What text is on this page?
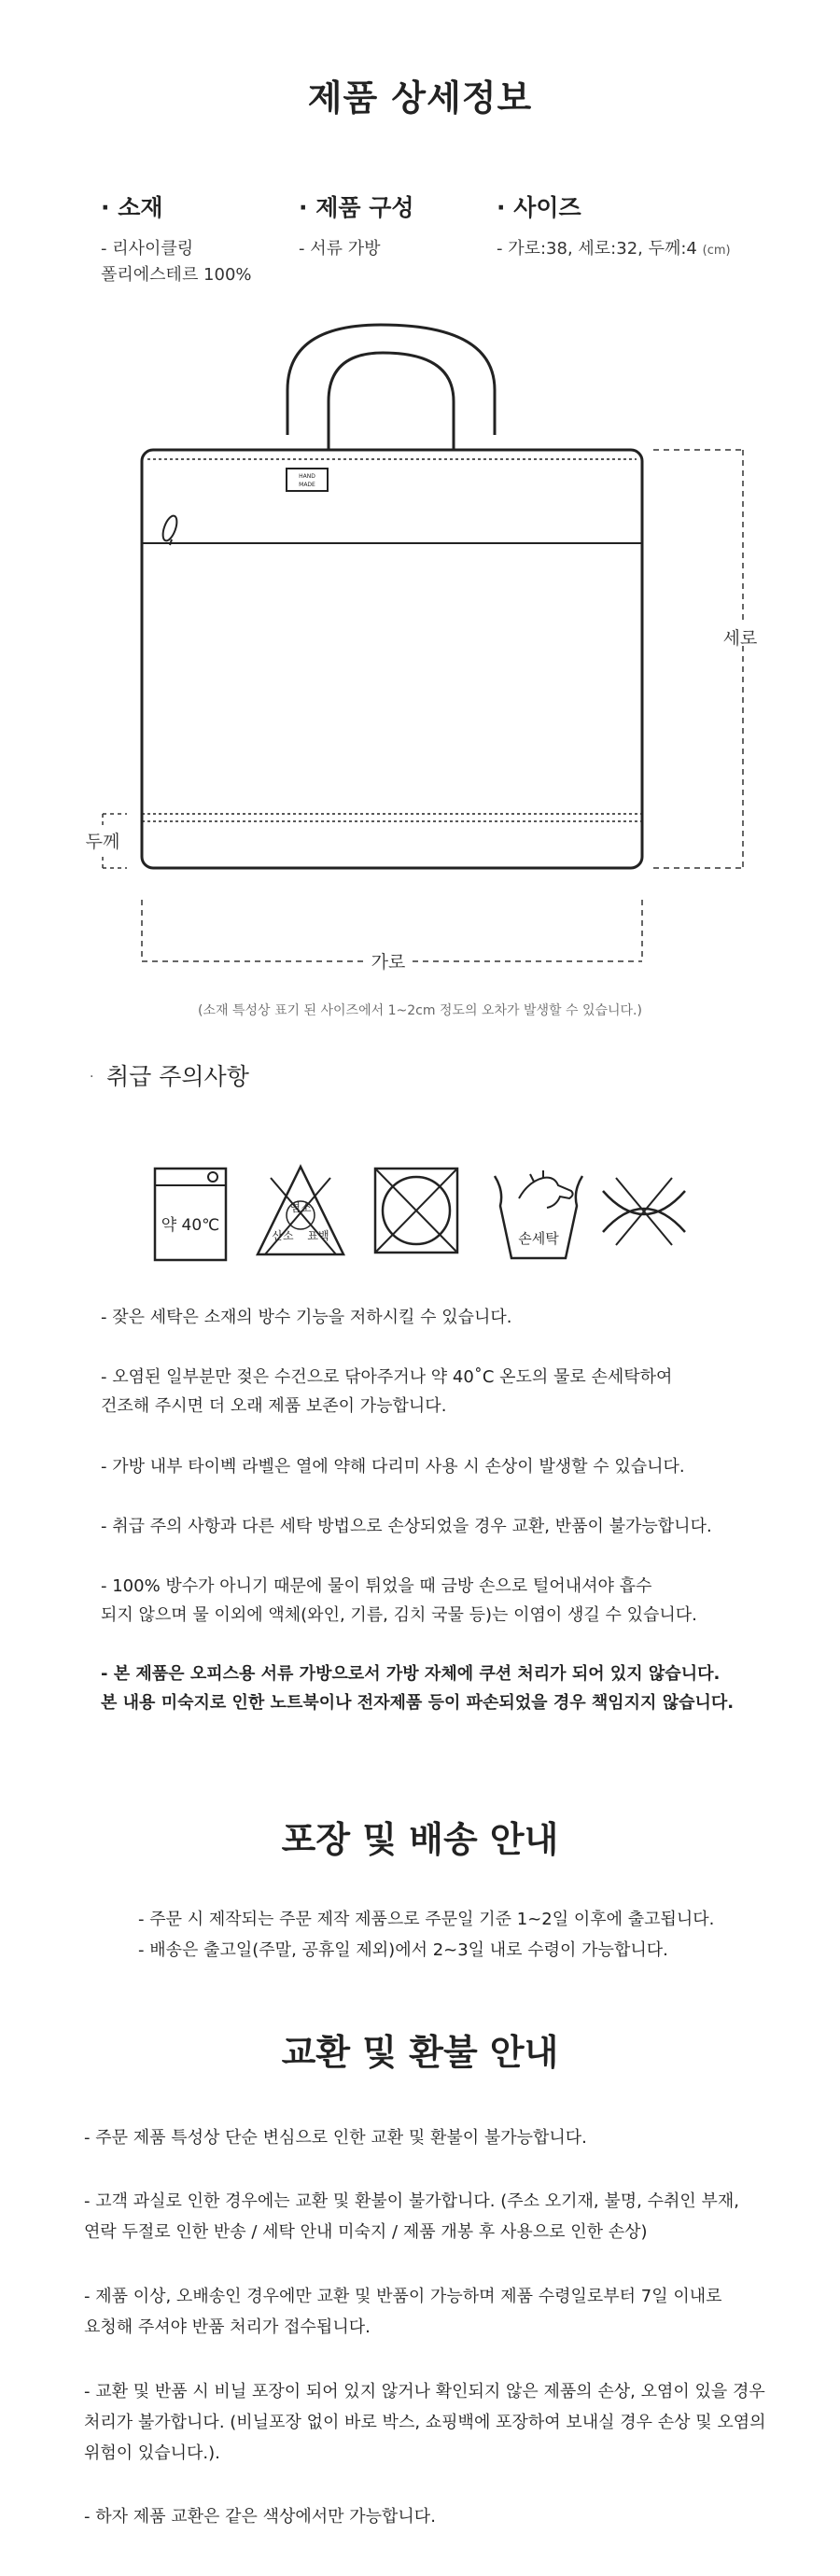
제품 상세정보
· 소재
- 리사이클링
폴리에스테르 100%
· 제품 구성
- 서류 가방
· 사이즈
- 가로:38, 세로:32, 두께:4 (cm)
HAND
MADE
세로
두께
가로
(소재 특성상 표기 된 사이즈에서 1~2cm 정도의 오차가 발생할 수 있습니다.)
· 취급 주의사항
약 40℃
염소
산소 표백	손세탁
- 잦은 세탁은 소재의 방수 기능을 저하시킬 수 있습니다.
- 오염된 일부분만 젖은 수건으로 닦아주거나 약 40˚C 온도의 물로 손세탁하여
건조해 주시면 더 오래 제품 보존이 가능합니다.
- 가방 내부 타이벡 라벨은 열에 약해 다리미 사용 시 손상이 발생할 수 있습니다.
- 취급 주의 사항과 다른 세탁 방법으로 손상되었을 경우 교환, 반품이 불가능합니다.
- 100% 방수가 아니기 때문에 물이 튀었을 때 금방 손으로 털어내셔야 흡수
되지 않으며 물 이외에 액체(와인, 기름, 김치 국물 등)는 이염이 생길 수 있습니다.
- 본 제품은 오피스용 서류 가방으로서 가방 자체에 쿠션 처리가 되어 있지 않습니다.
본 내용 미숙지로 인한 노트북이나 전자제품 등이 파손되었을 경우 책임지지 않습니다.
포장 및 배송 안내
- 주문 시 제작되는 주문 제작 제품으로 주문일 기준 1~2일 이후에 출고됩니다.
- 배송은 출고일(주말, 공휴일 제외)에서 2~3일 내로 수령이 가능합니다.
교환 및 환불 안내
- 주문 제품 특성상 단순 변심으로 인한 교환 및 환불이 불가능합니다.
- 고객 과실로 인한 경우에는 교환 및 환불이 불가합니다. (주소 오기재, 불명, 수취인 부재,
연락 두절로 인한 반송 / 세탁 안내 미숙지 / 제품 개봉 후 사용으로 인한 손상)
- 제품 이상, 오배송인 경우에만 교환 및 반품이 가능하며 제품 수령일로부터 7일 이내로
요청해 주셔야 반품 처리가 접수됩니다.
- 교환 및 반품 시 비닐 포장이 되어 있지 않거나 확인되지 않은 제품의 손상, 오염이 있을 경우
처리가 불가합니다. (비닐포장 없이 바로 박스, 쇼핑백에 포장하여 보내실 경우 손상 및 오염의
위험이 있습니다.).
- 하자 제품 교환은 같은 색상에서만 가능합니다.
